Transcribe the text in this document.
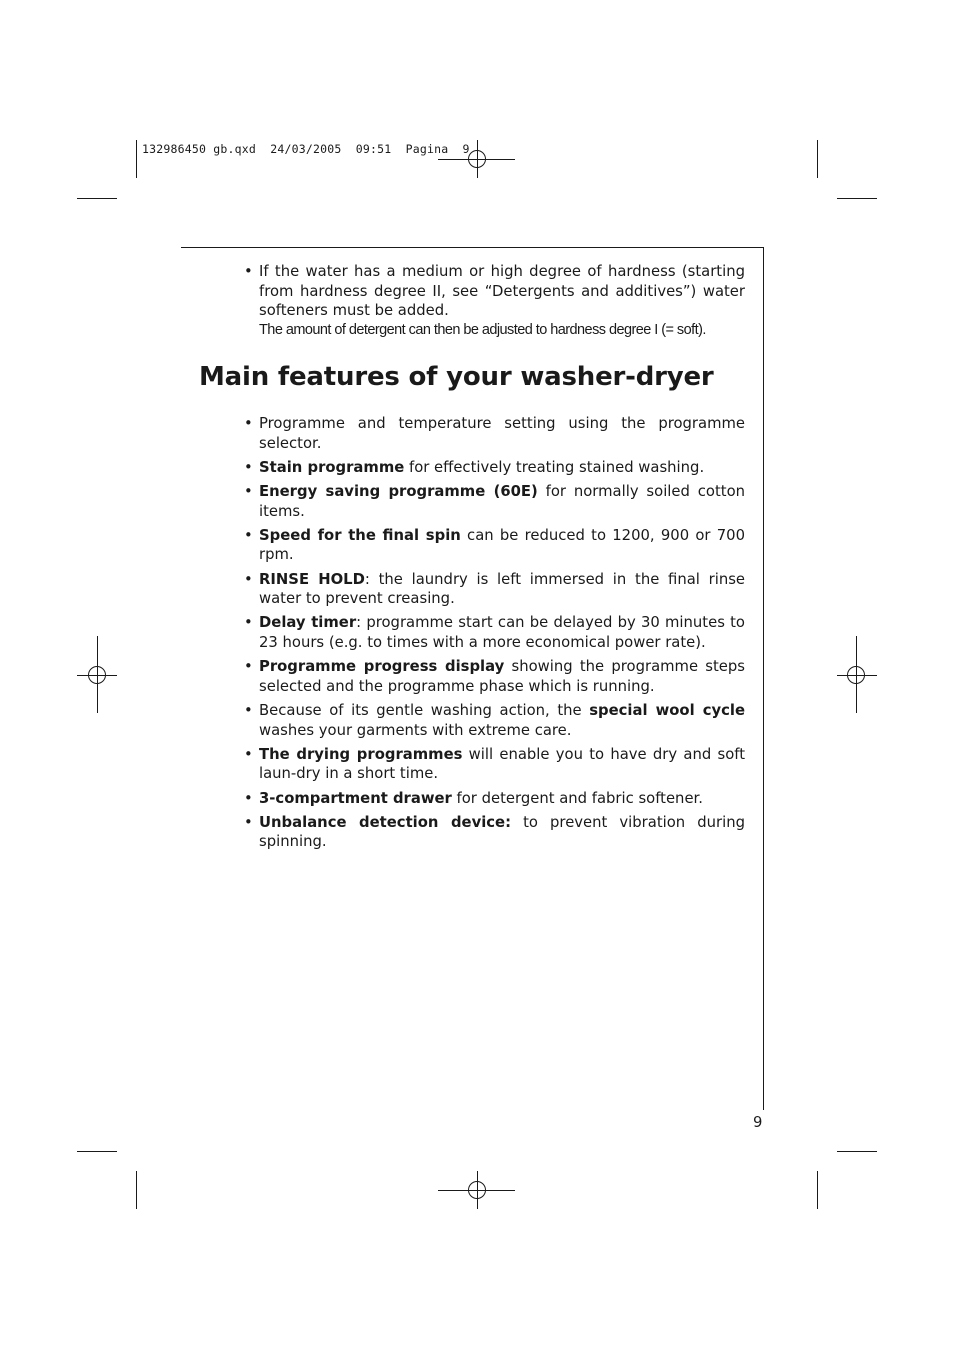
132986450 gb.qxd  24/03/2005  09:51  Pagina  9
• If the water has a medium or high degree of hardness (starting from hardness degree II, see “Detergents and additives”) water softeners must be added.
The amount of detergent can then be adjusted to hardness degree I (= soft).
Main features of your washer-dryer
• Programme and temperature setting using the programme selector.
• Stain programme for effectively treating stained washing.
• Energy saving programme (60E) for normally soiled cotton items.
• Speed for the final spin can be reduced to 1200, 900 or 700 rpm.
• RINSE HOLD: the laundry is left immersed in the final rinse water to prevent creasing.
• Delay timer: programme start can be delayed by 30 minutes to 23 hours (e.g. to times with a more economical power rate).
• Programme progress display showing the programme steps selected and the programme phase which is running.
• Because of its gentle washing action, the special wool cycle washes your garments with extreme care.
• The drying programmes will enable you to have dry and soft laun-dry in a short time.
• 3-compartment drawer for detergent and fabric softener.
• Unbalance detection device: to prevent vibration during spinning.
9
